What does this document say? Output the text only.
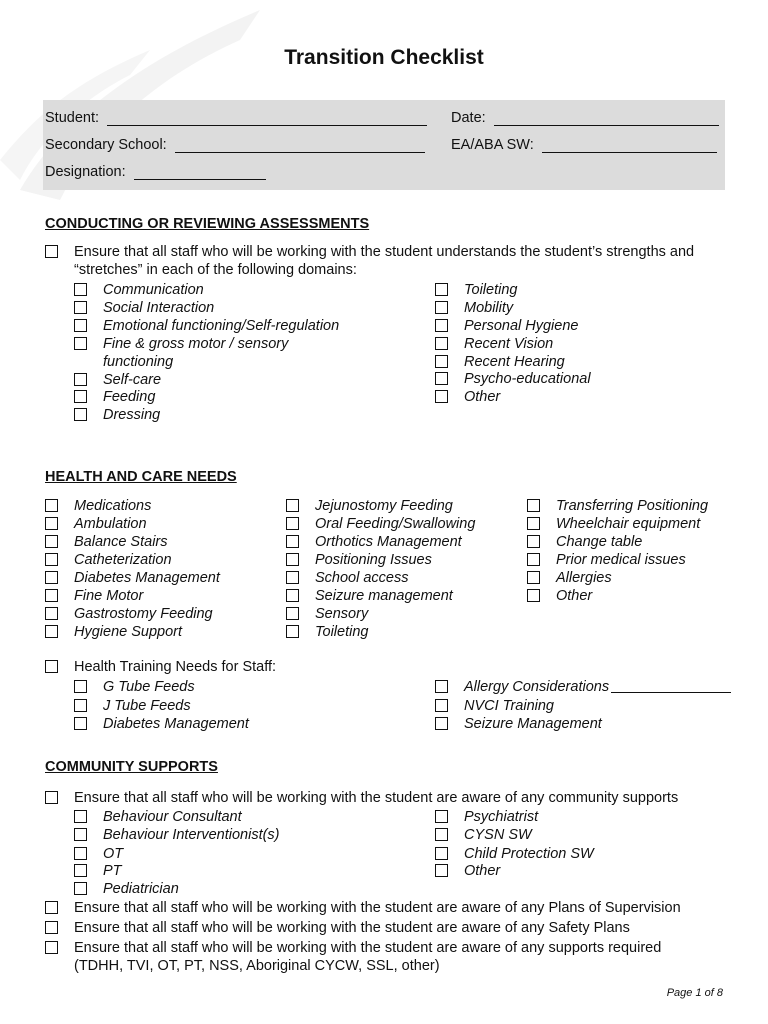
Transition Checklist
Student:	Date:
Secondary School:	EA/ABA SW:
Designation:
CONDUCTING OR REVIEWING ASSESSMENTS
Ensure that all staff who will be working with the student understands the student’s strengths and
“stretches” in each of the following domains:
Communication
Social Interaction
Emotional functioning/Self-regulation
Fine & gross motor / sensory functioning
Self-care
Feeding
Dressing
Toileting
Mobility
Personal Hygiene
Recent Vision
Recent Hearing
Psycho-educational
Other
HEALTH AND CARE NEEDS
Medications
Ambulation
Balance Stairs
Catheterization
Diabetes Management
Fine Motor
Gastrostomy Feeding
Hygiene Support
Jejunostomy Feeding
Oral Feeding/Swallowing
Orthotics Management
Positioning Issues
School access
Seizure management
Sensory
Toileting
Transferring Positioning
Wheelchair equipment
Change table
Prior medical issues
Allergies
Other
Health Training Needs for Staff:
G Tube Feeds
J Tube Feeds
Diabetes Management
Allergy Considerations
NVCI Training
Seizure Management
COMMUNITY SUPPORTS
Ensure that all staff who will be working with the student are aware of any community supports
Behaviour Consultant
Behaviour Interventionist(s)
OT
PT
Pediatrician
Psychiatrist
CYSN SW
Child Protection SW
Other
Ensure that all staff who will be working with the student are aware of any Plans of Supervision
Ensure that all staff who will be working with the student are aware of any Safety Plans
Ensure that all staff who will be working with the student are aware of any supports required
(TDHH, TVI, OT, PT, NSS, Aboriginal CYCW, SSL, other)
Page 1 of 8
